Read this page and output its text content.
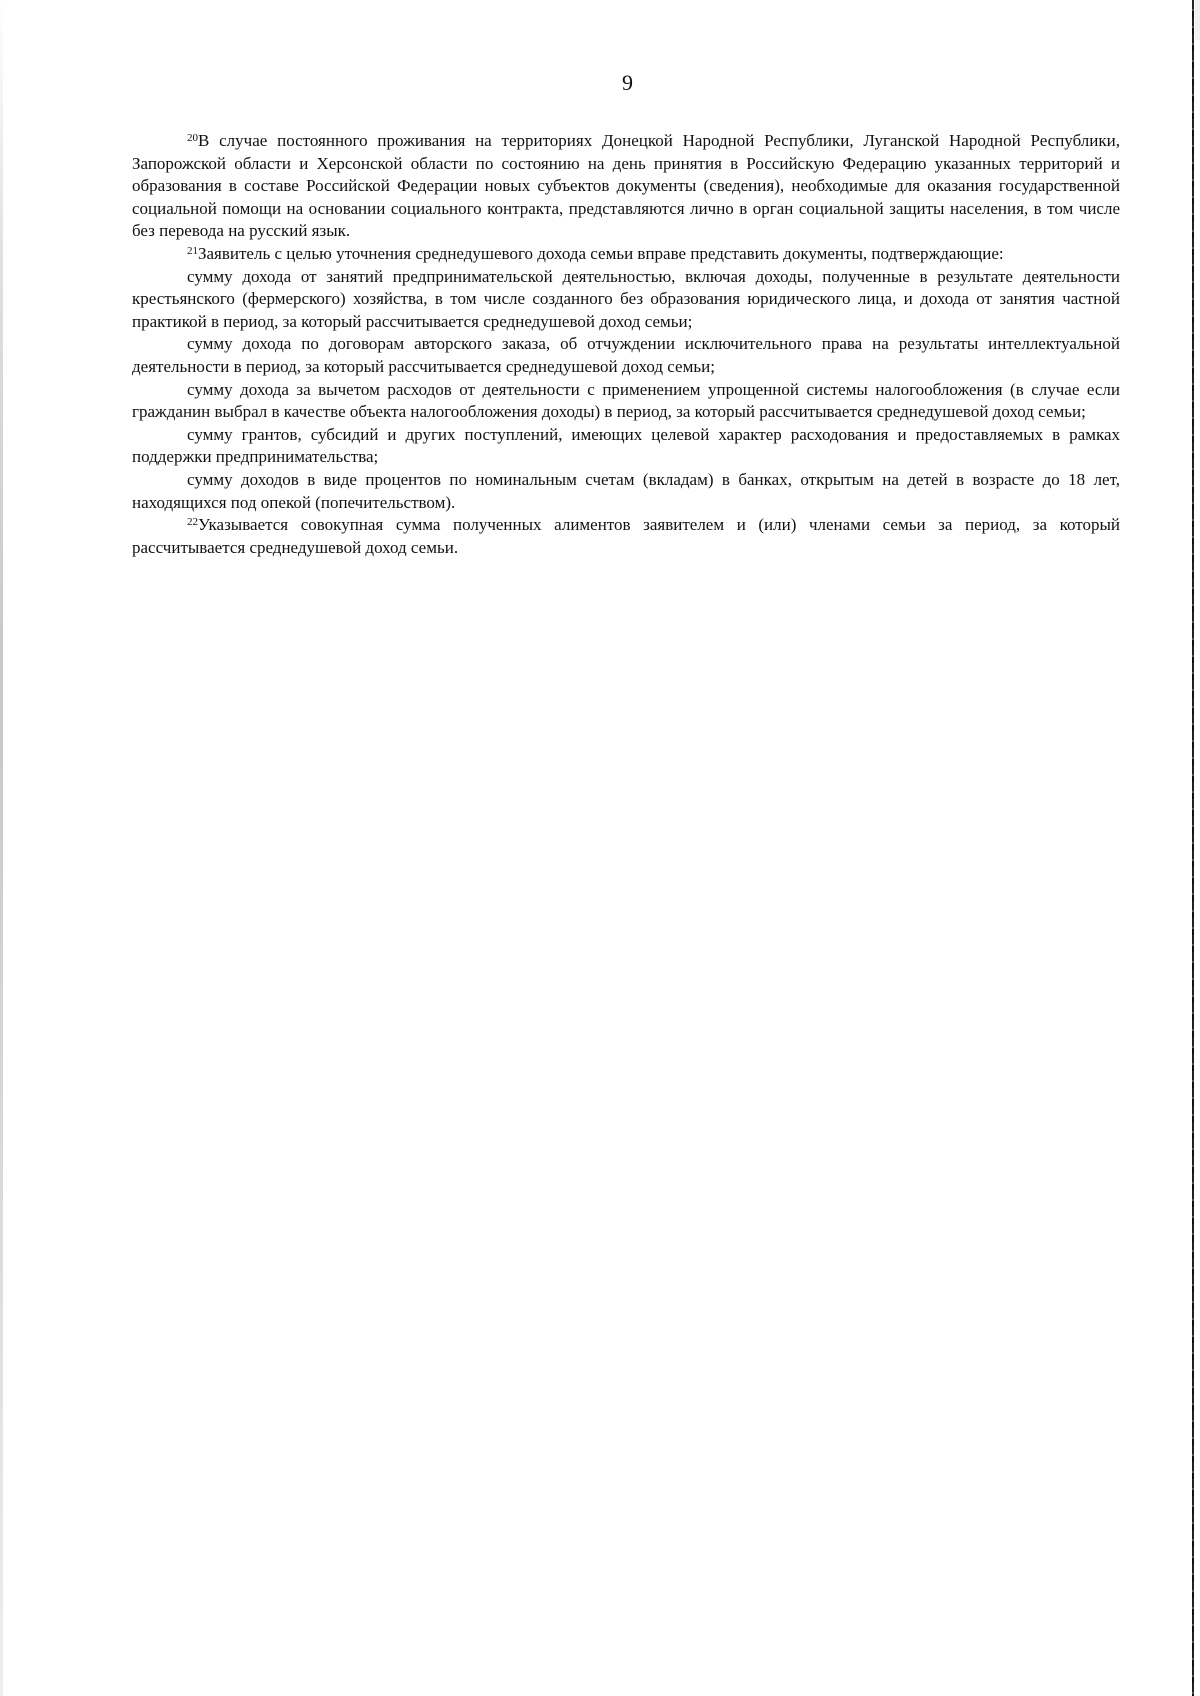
9

$^{20}$В случае постоянного проживания на территориях Донецкой Народной Республики, Луганской Народной Республики, Запорожской области и Херсонской области по состоянию на день принятия в Российскую Федерацию указанных территорий и образования в составе Российской Федерации новых субъектов документы (сведения), необходимые для оказания государственной социальной помощи на основании социального контракта, представляются лично в орган социальной защиты населения, в том числе без перевода на русский язык.

$^{21}$Заявитель с целью уточнения среднедушевого дохода семьи вправе представить документы, подтверждающие:

сумму дохода от занятий предпринимательской деятельностью, включая доходы, полученные в результате деятельности крестьянского (фермерского) хозяйства, в том числе созданного без образования юридического лица, и дохода от занятия частной практикой в период, за который рассчитывается среднедушевой доход семьи;

сумму дохода по договорам авторского заказа, об отчуждении исключительного права на результаты интеллектуальной деятельности в период, за который рассчитывается среднедушевой доход семьи;

сумму дохода за вычетом расходов от деятельности с применением упрощенной системы налогообложения (в случае если гражданин выбрал в качестве объекта налогообложения доходы) в период, за который рассчитывается среднедушевой доход семьи;

сумму грантов, субсидий и других поступлений, имеющих целевой характер расходования и предоставляемых в рамках поддержки предпринимательства;

сумму доходов в виде процентов по номинальным счетам (вкладам) в банках, открытым на детей в возрасте до 18 лет, находящихся под опекой (попечительством).

$^{22}$Указывается совокупная сумма полученных алиментов заявителем и (или) членами семьи за период, за который рассчитывается среднедушевой доход семьи.
